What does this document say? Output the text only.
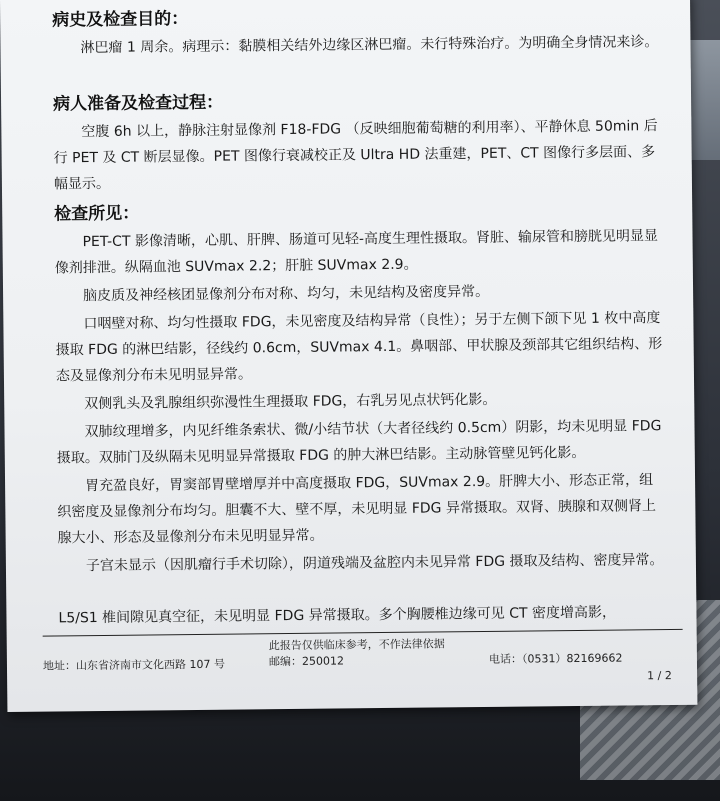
病史及检查目的：

淋巴瘤 1 周余。病理示：黏膜相关结外边缘区淋巴瘤。未行特殊治疗。为明确全身情况来诊。

病人准备及检查过程：

空腹 6h 以上，静脉注射显像剂 F18-FDG （反映细胞葡萄糖的利用率）、平静休息 50min 后行 PET 及 CT 断层显像。PET 图像行衰减校正及 Ultra HD 法重建，PET、CT 图像行多层面、多幅显示。

检查所见：

PET-CT 影像清晰，心肌、肝脾、肠道可见轻-高度生理性摄取。肾脏、输尿管和膀胱见明显显像剂排泄。纵隔血池 SUVmax 2.2；肝脏 SUVmax 2.9。

脑皮质及神经核团显像剂分布对称、均匀，未见结构及密度异常。

口咽壁对称、均匀性摄取 FDG，未见密度及结构异常（良性）；另于左侧下颌下见 1 枚中高度摄取 FDG 的淋巴结影，径线约 0.6cm，SUVmax 4.1。鼻咽部、甲状腺及颈部其它组织结构、形态及显像剂分布未见明显异常。

双侧乳头及乳腺组织弥漫性生理摄取 FDG，右乳另见点状钙化影。

双肺纹理增多，内见纤维条索状、微/小结节状（大者径线约 0.5cm）阴影，均未见明显 FDG 摄取。双肺门及纵隔未见明显异常摄取 FDG 的肿大淋巴结影。主动脉管壁见钙化影。

胃充盈良好，胃窦部胃壁增厚并中高度摄取 FDG，SUVmax 2.9。肝脾大小、形态正常，组织密度及显像剂分布均匀。胆囊不大、壁不厚，未见明显 FDG 异常摄取。双肾、胰腺和双侧肾上腺大小、形态及显像剂分布未见明显异常。

子宫未显示（因肌瘤行手术切除），阴道残端及盆腔内未见异常 FDG 摄取及结构、密度异常。

L5/S1 椎间隙见真空征，未见明显 FDG 异常摄取。多个胸腰椎边缘可见 CT 密度增高影，

此报告仅供临床参考，不作法律依据
地址：山东省济南市文化西路 107 号	邮编：250012	电话：（0531）82169662
1 / 2
